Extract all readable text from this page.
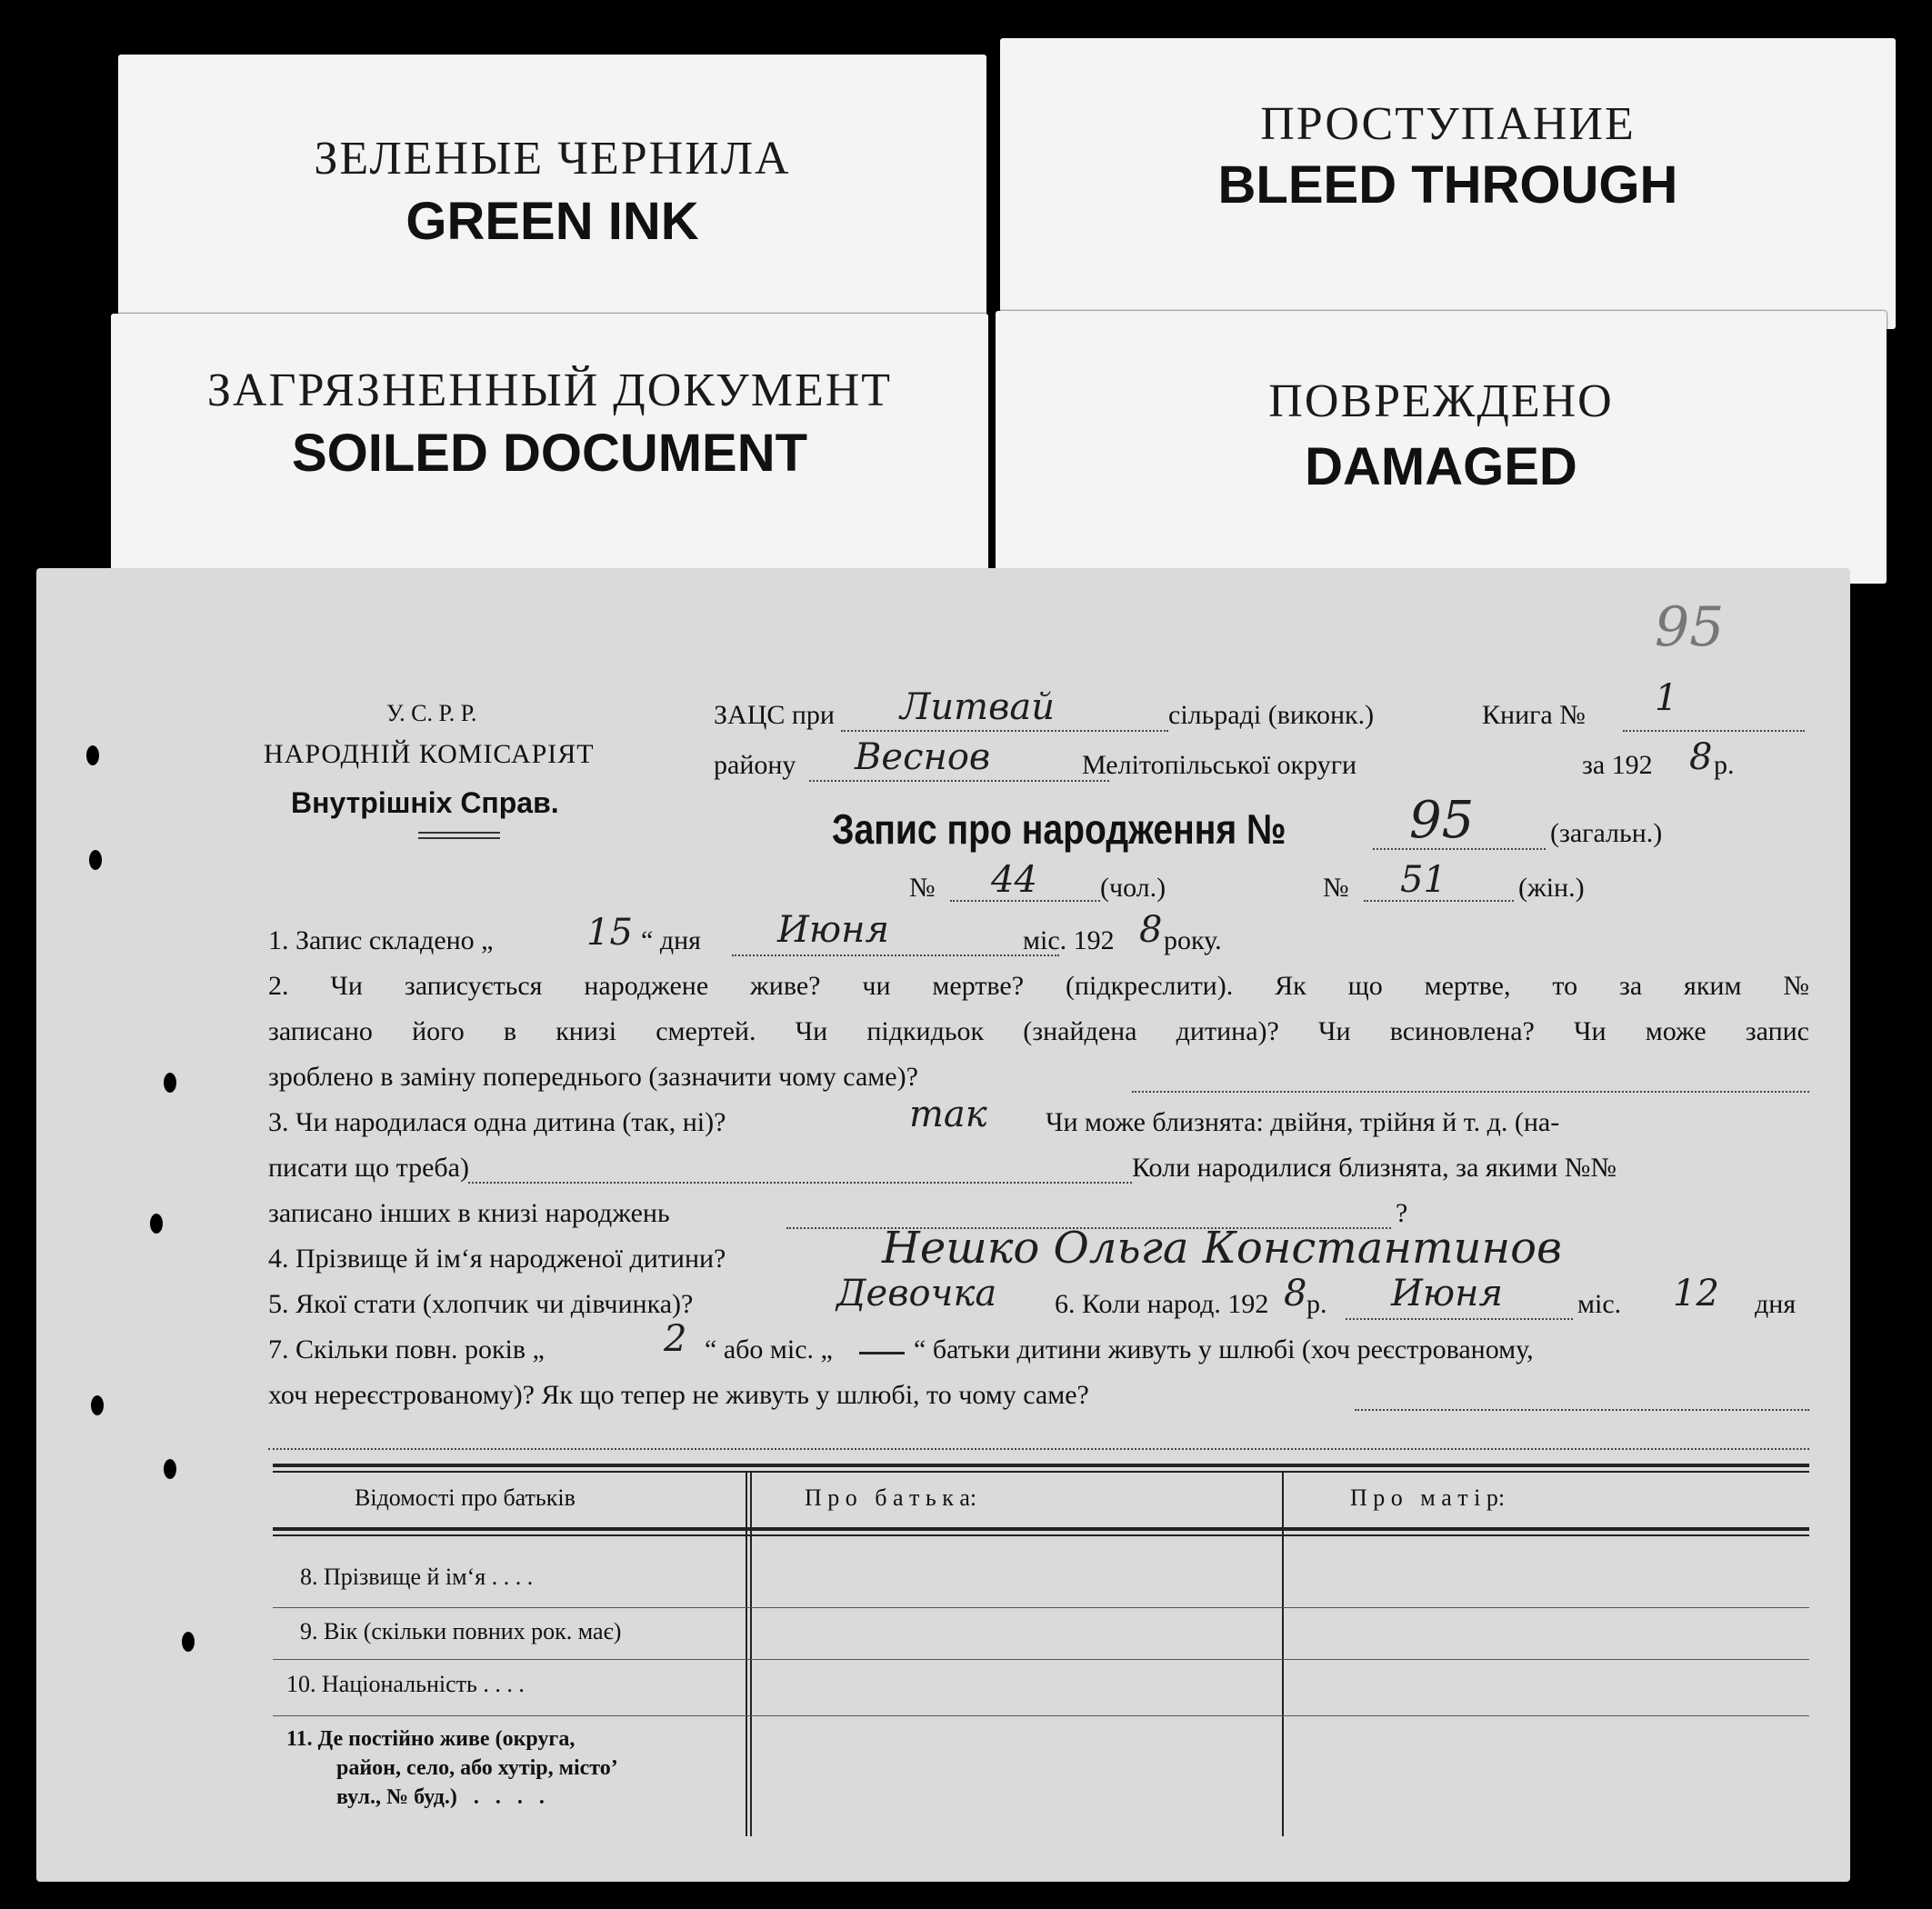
ЗЕЛЕНЫЕ ЧЕРНИЛА
GREEN INK
ПРОСТУПАНИЕ
BLEED THROUGH
ЗАГРЯЗНЕННЫЙ ДОКУМЕНТ
SOILED DOCUMENT
ПОВРЕЖДЕНО
DAMAGED
95
У. С. Р. Р.
НАРОДНІЙ КОМІСАРІЯТ
Внутрішніх Справ.
ЗАЦС при Литвай	сільраді (виконк.)	Книга № 1
району Веснов	Мелітопільської округи	за 192 8 р.
Запис про народження № 95	(загальн.)
№ 44 (чол.)	№ 51	(жін.)
1. Запис складено „	15 “ дня Июня	міс. 192 8 року.
2. Чи записується народжене живе? чи мертве? (підкреслити). Як що мертве, то за яким №
записано його в книзі смертей. Чи підкидьок (знайдена дитина)? Чи всиновлена? Чи може запис
зроблено в заміну попереднього (зазначити чому саме)?
3. Чи народилася одна дитина (так, ні)?	так Чи може близнята: двійня, трійня й т. д. (на-
писати що треба)	Коли народилися близнята, за якими №№
записано інших в книзі народжень	?
4. Прізвище й ім‘я народженої дитини?	Нешко Ольга Константинов
5. Якої стати (хлопчик чи дівчинка)?	Девочка 6. Коли народ. 192 8 р. Июня	міс. 12 дня
7. Скільки повн. років „	2 “ або міс. „	“ батьки дитини живуть у шлюбі (хоч реєстрованому,
хоч нереєстрованому)? Як що тепер не живуть у шлюбі, то чому саме?
Відомості про батьків	П р о   б а т ь к а:	П р о   м а т і р:
8. Прізвище й ім‘я . . . .
9. Вік (скільки повних рок. має)
10. Національність . . . .
11. Де постійно живе (округа,
район, село, або хутір, місто’
вул., № буд.)   .   .   .   .
